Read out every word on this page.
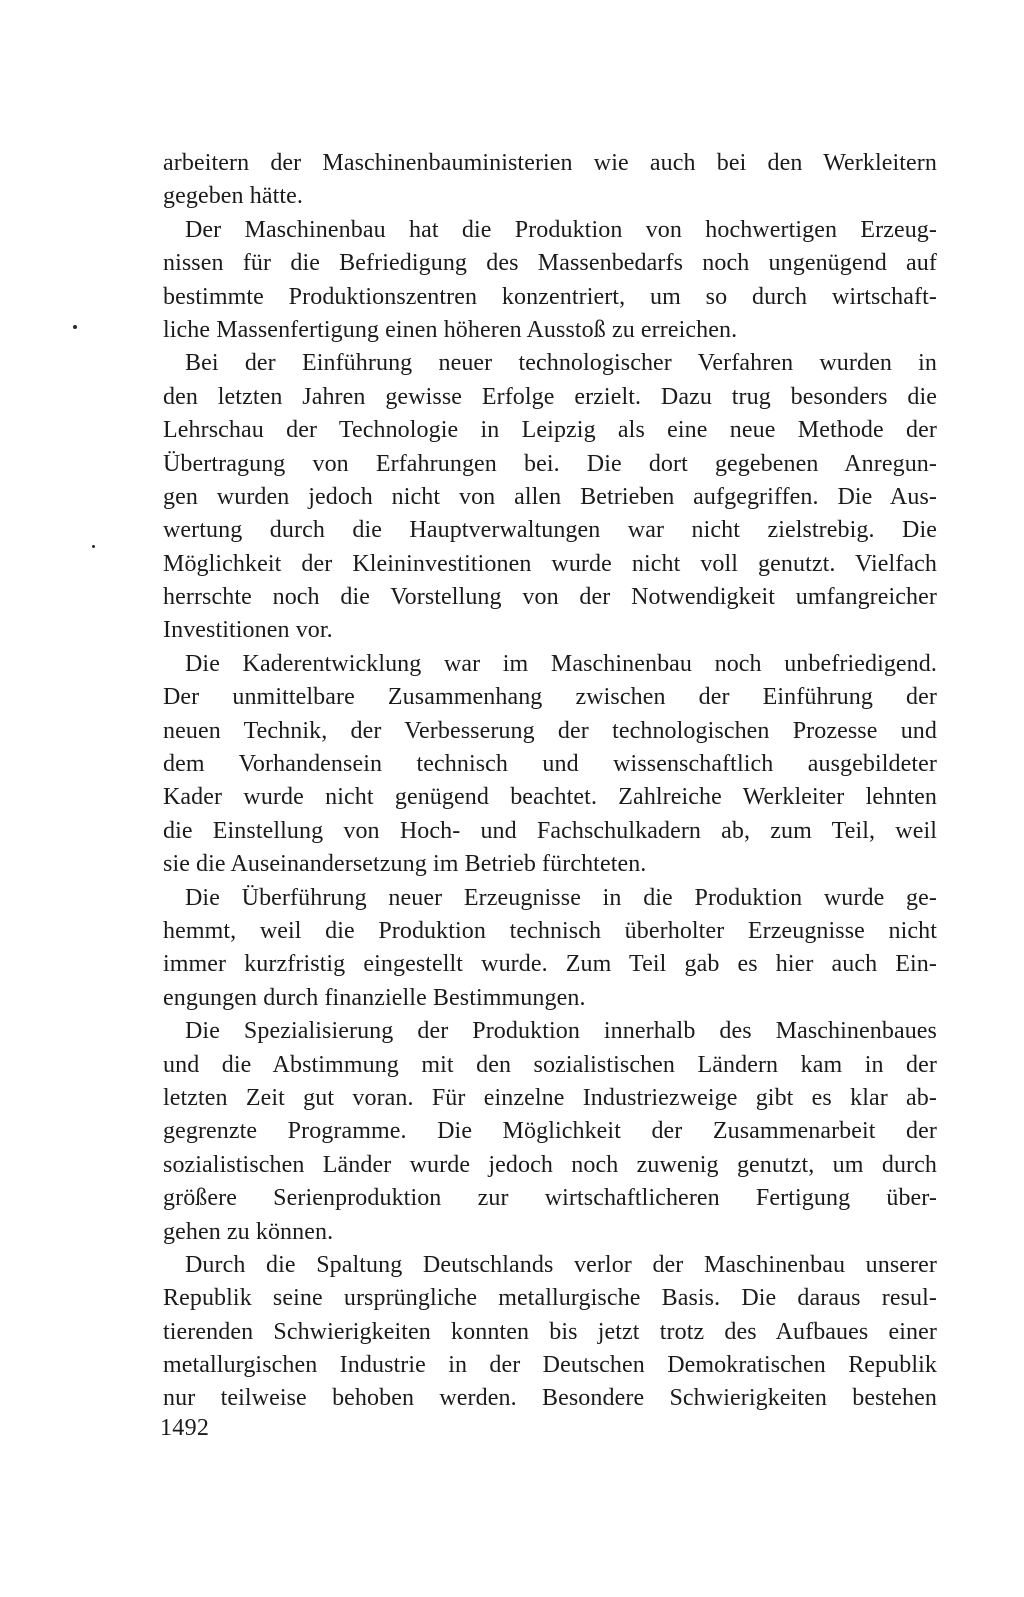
arbeitern der Maschinenbauministerien wie auch bei den Werkleitern
gegeben hätte.
Der Maschinenbau hat die Produktion von hochwertigen Erzeug-
nissen für die Befriedigung des Massenbedarfs noch ungenügend auf
bestimmte Produktionszentren konzentriert, um so durch wirtschaft-
liche Massenfertigung einen höheren Ausstoß zu erreichen.
Bei der Einführung neuer technologischer Verfahren wurden in
den letzten Jahren gewisse Erfolge erzielt. Dazu trug besonders die
Lehrschau der Technologie in Leipzig als eine neue Methode der
Übertragung von Erfahrungen bei. Die dort gegebenen Anregun-
gen wurden jedoch nicht von allen Betrieben aufgegriffen. Die Aus-
wertung durch die Hauptverwaltungen war nicht zielstrebig. Die
Möglichkeit der Kleininvestitionen wurde nicht voll genutzt. Vielfach
herrschte noch die Vorstellung von der Notwendigkeit umfangreicher
Investitionen vor.
Die Kaderentwicklung war im Maschinenbau noch unbefriedigend.
Der unmittelbare Zusammenhang zwischen der Einführung der
neuen Technik, der Verbesserung der technologischen Prozesse und
dem Vorhandensein technisch und wissenschaftlich ausgebildeter
Kader wurde nicht genügend beachtet. Zahlreiche Werkleiter lehnten
die Einstellung von Hoch- und Fachschulkadern ab, zum Teil, weil
sie die Auseinandersetzung im Betrieb fürchteten.
Die Überführung neuer Erzeugnisse in die Produktion wurde ge-
hemmt, weil die Produktion technisch überholter Erzeugnisse nicht
immer kurzfristig eingestellt wurde. Zum Teil gab es hier auch Ein-
engungen durch finanzielle Bestimmungen.
Die Spezialisierung der Produktion innerhalb des Maschinenbaues
und die Abstimmung mit den sozialistischen Ländern kam in der
letzten Zeit gut voran. Für einzelne Industriezweige gibt es klar ab-
gegrenzte Programme. Die Möglichkeit der Zusammenarbeit der
sozialistischen Länder wurde jedoch noch zuwenig genutzt, um durch
größere Serienproduktion zur wirtschaftlicheren Fertigung über-
gehen zu können.
Durch die Spaltung Deutschlands verlor der Maschinenbau unserer
Republik seine ursprüngliche metallurgische Basis. Die daraus resul-
tierenden Schwierigkeiten konnten bis jetzt trotz des Aufbaues einer
metallurgischen Industrie in der Deutschen Demokratischen Republik
nur teilweise behoben werden. Besondere Schwierigkeiten bestehen
1492
